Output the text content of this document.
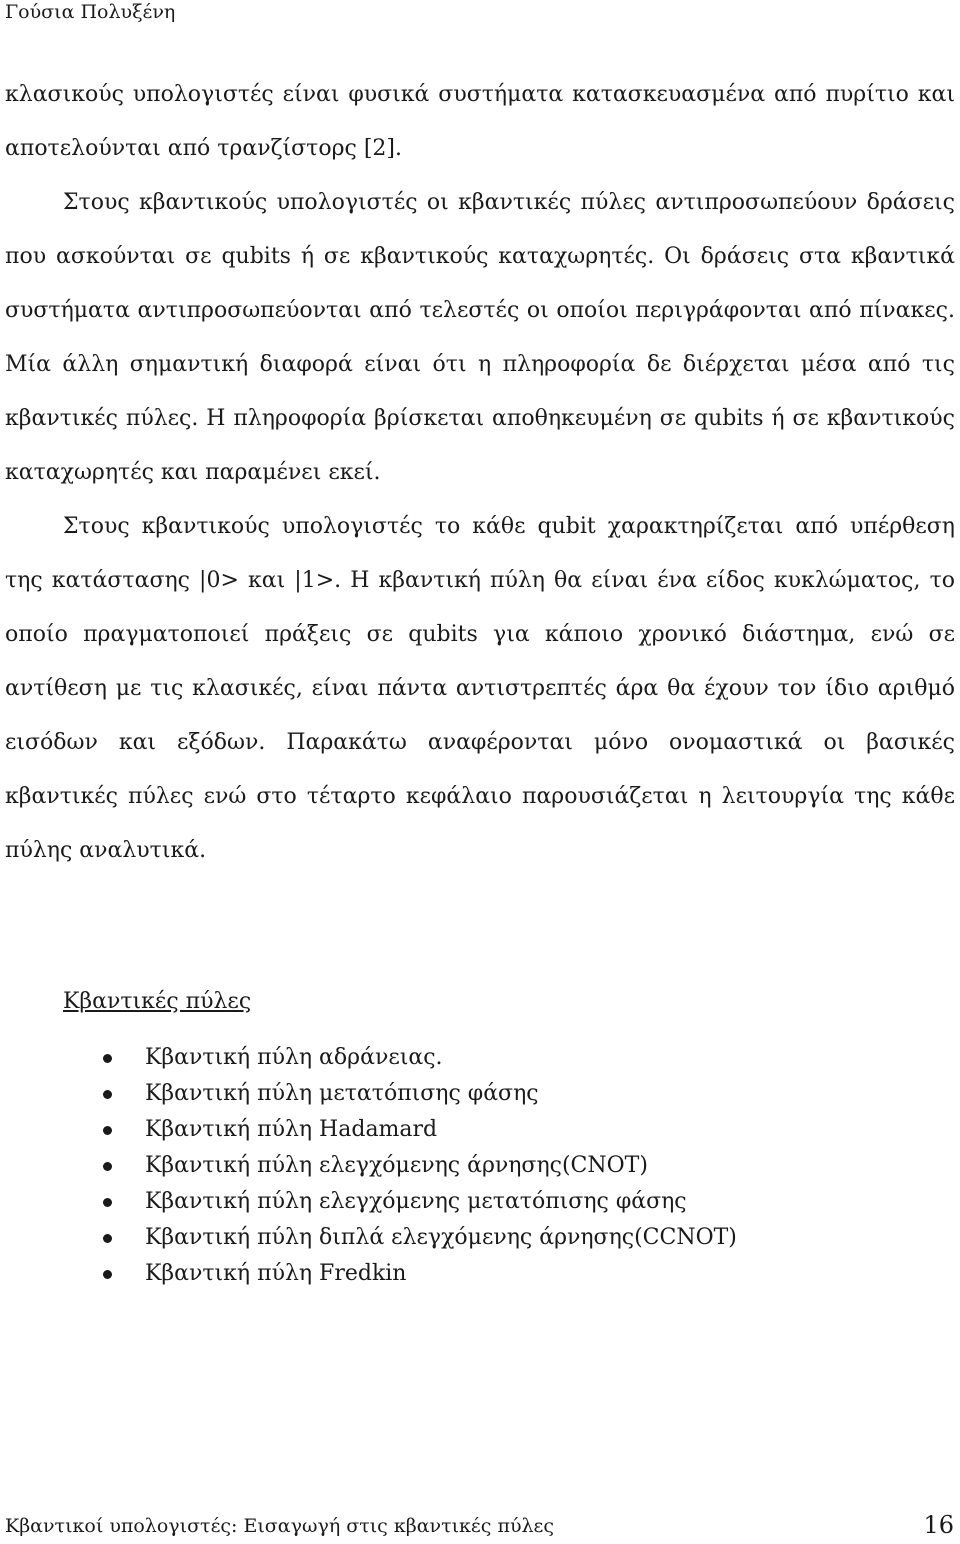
Γούσια Πολυξένη

κλασικούς υπολογιστές είναι φυσικά συστήματα κατασκευασμένα από πυρίτιο και αποτελούνται από τρανζίστορς [2].

Στους κβαντικούς υπολογιστές οι κβαντικές πύλες αντιπροσωπεύουν δράσεις που ασκούνται σε qubits ή σε κβαντικούς καταχωρητές. Οι δράσεις στα κβαντικά συστήματα αντιπροσωπεύονται από τελεστές οι οποίοι περιγράφονται από πίνακες. Μία άλλη σημαντική διαφορά είναι ότι η πληροφορία δε διέρχεται μέσα από τις κβαντικές πύλες. Η πληροφορία βρίσκεται αποθηκευμένη σε qubits ή σε κβαντικούς καταχωρητές και παραμένει εκεί.

Στους κβαντικούς υπολογιστές το κάθε qubit χαρακτηρίζεται από υπέρθεση της κατάστασης |0> και |1>. Η κβαντική πύλη θα είναι ένα είδος κυκλώματος, το οποίο πραγματοποιεί πράξεις σε qubits για κάποιο χρονικό διάστημα, ενώ σε αντίθεση με τις κλασικές, είναι πάντα αντιστρεπτές άρα θα έχουν τον ίδιο αριθμό εισόδων και εξόδων. Παρακάτω αναφέρονται μόνο ονομαστικά οι βασικές κβαντικές πύλες ενώ στο τέταρτο κεφάλαιο παρουσιάζεται η λειτουργία της κάθε πύλης αναλυτικά.

Κβαντικές πύλες
Κβαντική πύλη αδράνειας.
Κβαντική πύλη μετατόπισης φάσης
Κβαντική πύλη Hadamard
Κβαντική πύλη ελεγχόμενης άρνησης(CNOT)
Κβαντική πύλη ελεγχόμενης μετατόπισης φάσης
Κβαντική πύλη διπλά ελεγχόμενης άρνησης(CCNOT)
Κβαντική πύλη Fredkin
Κβαντικοί υπολογιστές: Εισαγωγή στις κβαντικές πύλες	16
